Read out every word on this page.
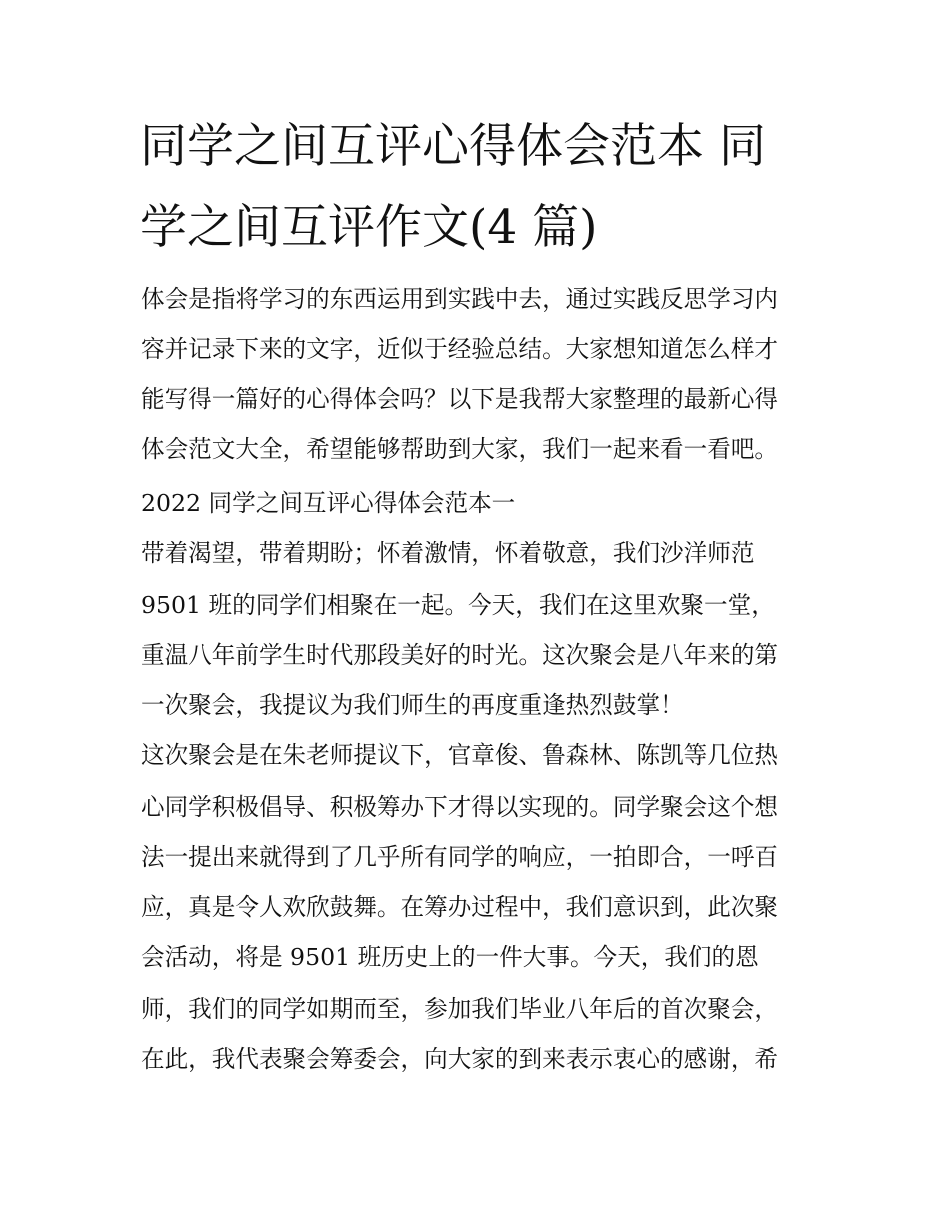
同学之间互评心得体会范本 同
学之间互评作文(4 篇)
体会是指将学习的东西运用到实践中去，通过实践反思学习内
容并记录下来的文字，近似于经验总结。大家想知道怎么样才
能写得一篇好的心得体会吗？以下是我帮大家整理的最新心得
体会范文大全，希望能够帮助到大家，我们一起来看一看吧。
2022 同学之间互评心得体会范本一
带着渴望，带着期盼；怀着激情，怀着敬意，我们沙洋师范
9501 班的同学们相聚在一起。今天，我们在这里欢聚一堂，
重温八年前学生时代那段美好的时光。这次聚会是八年来的第
一次聚会，我提议为我们师生的再度重逢热烈鼓掌！
这次聚会是在朱老师提议下，官章俊、鲁森林、陈凯等几位热
心同学积极倡导、积极筹办下才得以实现的。同学聚会这个想
法一提出来就得到了几乎所有同学的响应，一拍即合，一呼百
应，真是令人欢欣鼓舞。在筹办过程中，我们意识到，此次聚
会活动，将是 9501 班历史上的一件大事。今天，我们的恩
师，我们的同学如期而至，参加我们毕业八年后的首次聚会，
在此，我代表聚会筹委会，向大家的到来表示衷心的感谢，希
